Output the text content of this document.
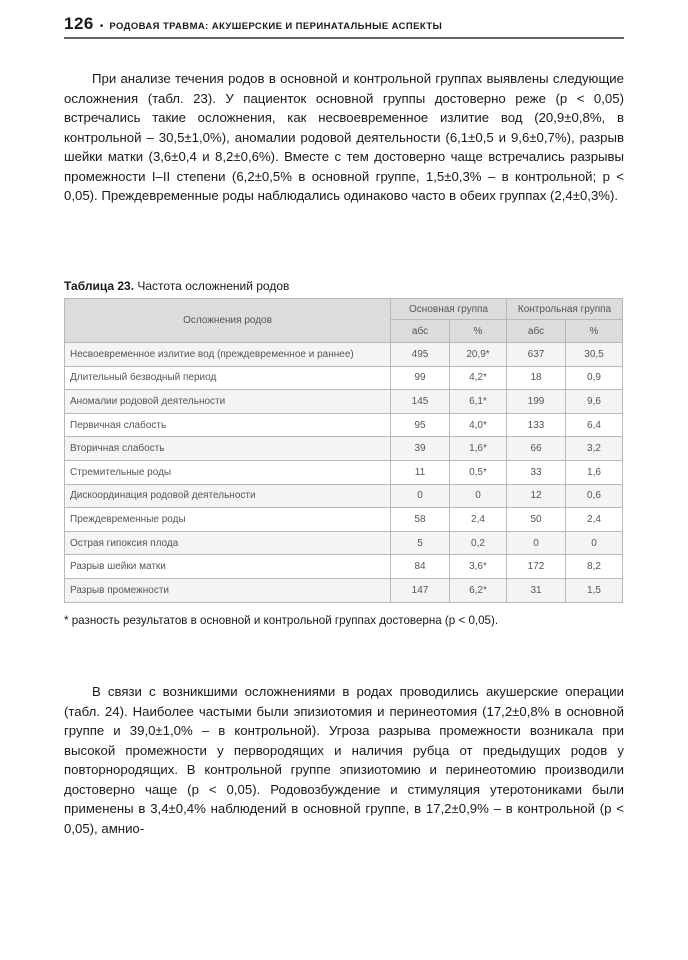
126 • РОДОВАЯ ТРАВМА: АКУШЕРСКИЕ И ПЕРИНАТАЛЬНЫЕ АСПЕКТЫ

При анализе течения родов в основной и контрольной группах выявлены следующие осложнения (табл. 23). У пациенток основной группы достоверно реже (p < 0,05) встречались такие осложнения, как несвоевременное излитие вод (20,9±0,8%, в контрольной – 30,5±1,0%), аномалии родовой деятельности (6,1±0,5 и 9,6±0,7%), разрыв шейки матки (3,6±0,4 и 8,2±0,6%). Вместе с тем достоверно чаще встречались разрывы промежности I–II степени (6,2±0,5% в основной группе, 1,5±0,3% – в контрольной; p < 0,05). Преждевременные роды наблюдались одинаково часто в обеих группах (2,4±0,3%).

Таблица 23. Частота осложнений родов
Осложнения родов	Основная группа		Контрольная группа	
	абс	%	абс	%
Несвоевременное излитие вод (преждевременное и раннее)	495	20,9*	637	30,5
Длительный безводный период	99	4,2*	18	0,9
Аномалии родовой деятельности	145	6,1*	199	9,6
Первичная слабость	95	4,0*	133	6,4
Вторичная слабость	39	1,6*	66	3,2
Стремительные роды	11	0,5*	33	1,6
Дискоординация родовой деятельности	0	0	12	0,6
Преждевременные роды	58	2,4	50	2,4
Острая гипоксия плода	5	0,2	0	0
Разрыв шейки матки	84	3,6*	172	8,2
Разрыв промежности	147	6,2*	31	1,5

* разность результатов в основной и контрольной группах достоверна (p < 0,05).

В связи с возникшими осложнениями в родах проводились акушерские операции (табл. 24). Наиболее частыми были эпизиотомия и перинеотомия (17,2±0,8% в основной группе и 39,0±1,0% – в контрольной). Угроза разрыва промежности возникала при высокой промежности у первородящих и наличия рубца от предыдущих родов у повторнородящих. В контрольной группе эпизиотомию и перинеотомию производили достоверно чаще (p < 0,05). Родовозбуждение и стимуляция утеротониками были применены в 3,4±0,4% наблюдений в основной группе, в 17,2±0,9% – в контрольной (p < 0,05), амнио-
